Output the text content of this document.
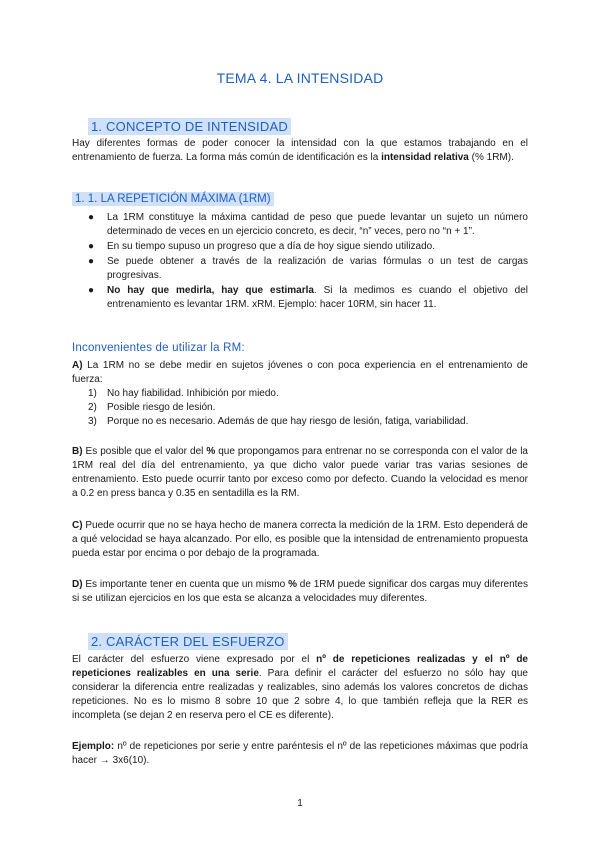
TEMA 4. LA INTENSIDAD
1. CONCEPTO DE INTENSIDAD
Hay diferentes formas de poder conocer la intensidad con la que estamos trabajando en el entrenamiento de fuerza. La forma más común de identificación es la intensidad relativa (% 1RM).
1. 1. LA REPETICIÓN MÁXIMA (1RM)
● La 1RM constituye la máxima cantidad de peso que puede levantar un sujeto un número determinado de veces en un ejercicio concreto, es decir, “n” veces, pero no “n + 1”.
● En su tiempo supuso un progreso que a día de hoy sigue siendo utilizado.
● Se puede obtener a través de la realización de varias fórmulas o un test de cargas progresivas.
● No hay que medirla, hay que estimarla. Si la medimos es cuando el objetivo del entrenamiento es levantar 1RM. xRM. Ejemplo: hacer 10RM, sin hacer 11.
Inconvenientes de utilizar la RM:
A) La 1RM no se debe medir en sujetos jóvenes o con poca experiencia en el entrenamiento de fuerza:
1) No hay fiabilidad. Inhibición por miedo.
2) Posible riesgo de lesión.
3) Porque no es necesario. Además de que hay riesgo de lesión, fatiga, variabilidad.
B) Es posible que el valor del % que propongamos para entrenar no se corresponda con el valor de la 1RM real del día del entrenamiento, ya que dicho valor puede variar tras varias sesiones de entrenamiento. Esto puede ocurrir tanto por exceso como por defecto. Cuando la velocidad es menor a 0.2 en press banca y 0.35 en sentadilla es la RM.
C) Puede ocurrir que no se haya hecho de manera correcta la medición de la 1RM. Esto dependerá de a qué velocidad se haya alcanzado. Por ello, es posible que la intensidad de entrenamiento propuesta pueda estar por encima o por debajo de la programada.
D) Es importante tener en cuenta que un mismo % de 1RM puede significar dos cargas muy diferentes si se utilizan ejercicios en los que esta se alcanza a velocidades muy diferentes.
2. CARÁCTER DEL ESFUERZO
El carácter del esfuerzo viene expresado por el nº de repeticiones realizadas y el nº de repeticiones realizables en una serie. Para definir el carácter del esfuerzo no sólo hay que considerar la diferencia entre realizadas y realizables, sino además los valores concretos de dichas repeticiones. No es lo mismo 8 sobre 10 que 2 sobre 4, lo que también refleja que la RER es incompleta (se dejan 2 en reserva pero el CE es diferente).
Ejemplo: nº de repeticiones por serie y entre paréntesis el nº de las repeticiones máximas que podría hacer → 3x6(10).
1
